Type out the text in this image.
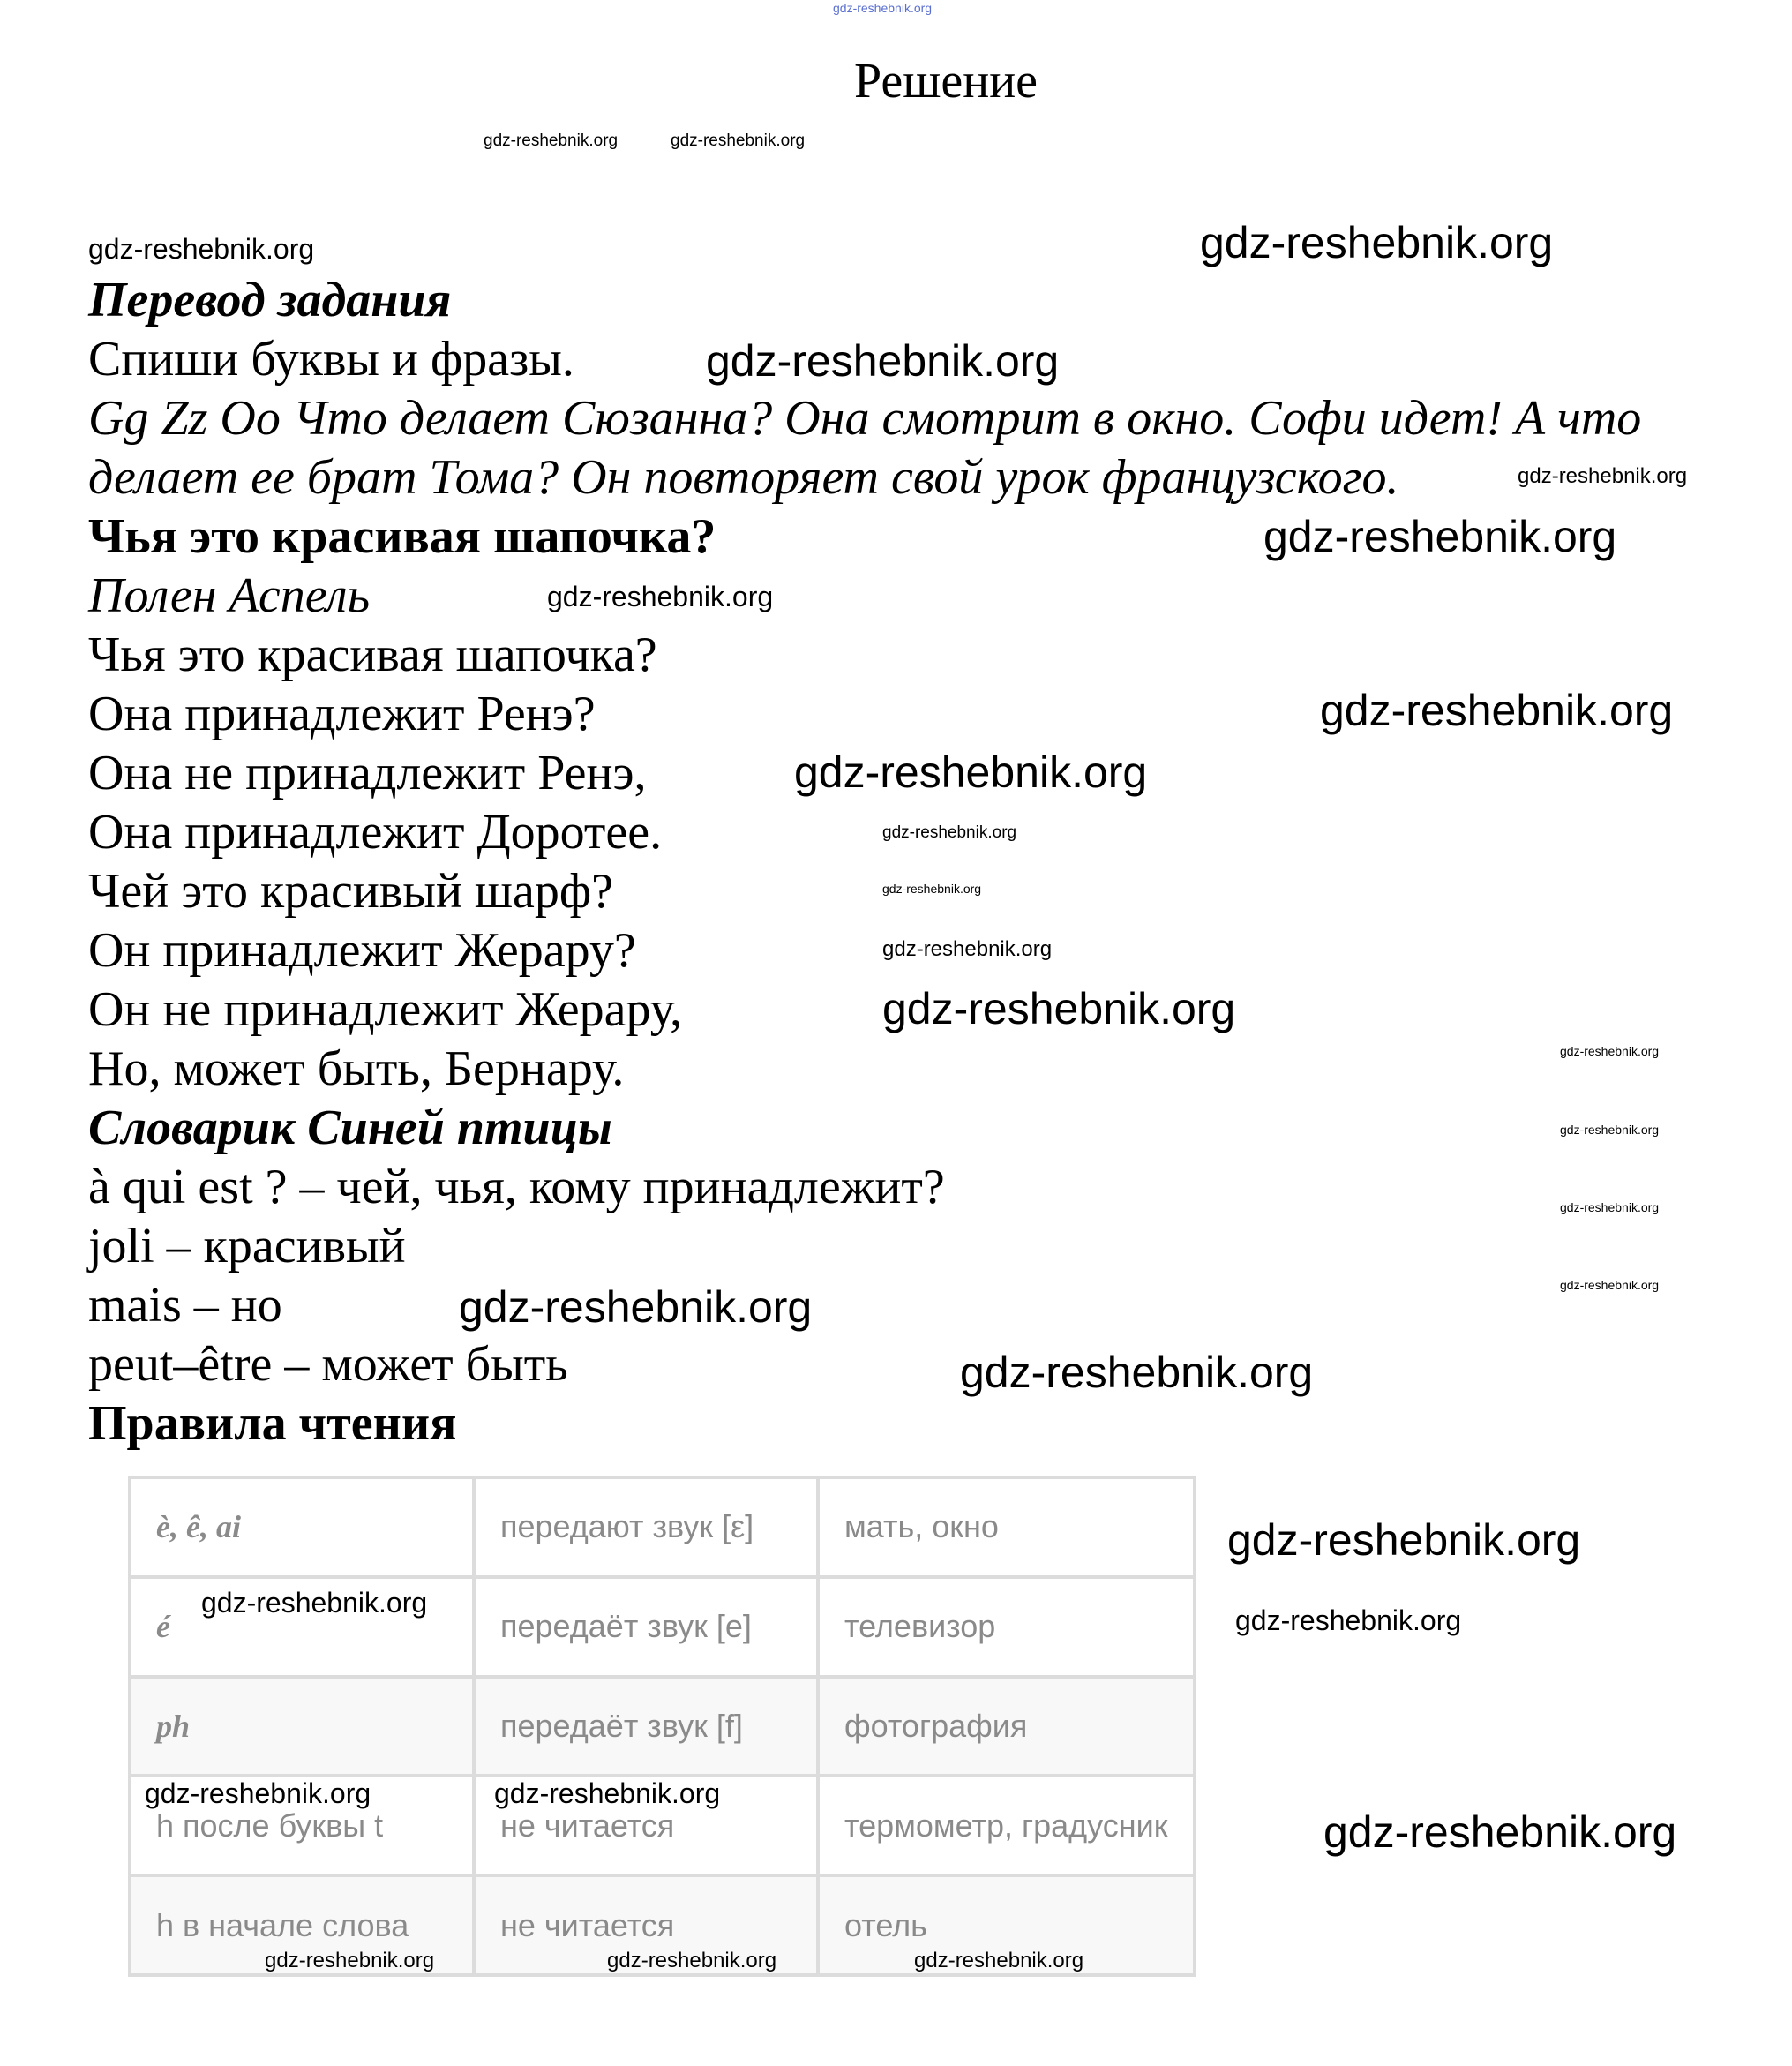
Решение
Перевод задания
Спиши буквы и фразы.
Gg Zz Oo Что делает Сюзанна? Она смотрит в окно. Софи идет! А что
делает ее брат Тома? Он повторяет свой урок французского.
Чья это красивая шапочка?
Полен Аспель
Чья это красивая шапочка?
Она принадлежит Ренэ?
Она не принадлежит Ренэ,
Она принадлежит Доротее.
Чей это красивый шарф?
Он принадлежит Жерару?
Он не принадлежит Жерару,
Но, может быть, Бернару.
Словарик Синей птицы
à qui est ? – чей, чья, кому принадлежит?
joli – красивый
mais – но
peut–être – может быть
Правила чтения
è, ê, ai	передают звук [ε]	мать, окно
é	передаёт звук [e]	телевизор
ph	передаёт звук [f]	фотография
h после буквы t	не читается	термометр, градусник
h в начале слова	не читается	отель
gdz-reshebnik.org
gdz-reshebnik.org	gdz-reshebnik.org
gdz-reshebnik.org	gdz-reshebnik.org
gdz-reshebnik.org
gdz-reshebnik.org
gdz-reshebnik.org
gdz-reshebnik.org
gdz-reshebnik.org
gdz-reshebnik.org
gdz-reshebnik.org
gdz-reshebnik.org
gdz-reshebnik.org
gdz-reshebnik.org
gdz-reshebnik.org
gdz-reshebnik.org
gdz-reshebnik.org
gdz-reshebnik.org
gdz-reshebnik.org
gdz-reshebnik.org
gdz-reshebnik.org
gdz-reshebnik.org
gdz-reshebnik.org
gdz-reshebnik.org	gdz-reshebnik.org
gdz-reshebnik.org
gdz-reshebnik.org	gdz-reshebnik.org	gdz-reshebnik.org
